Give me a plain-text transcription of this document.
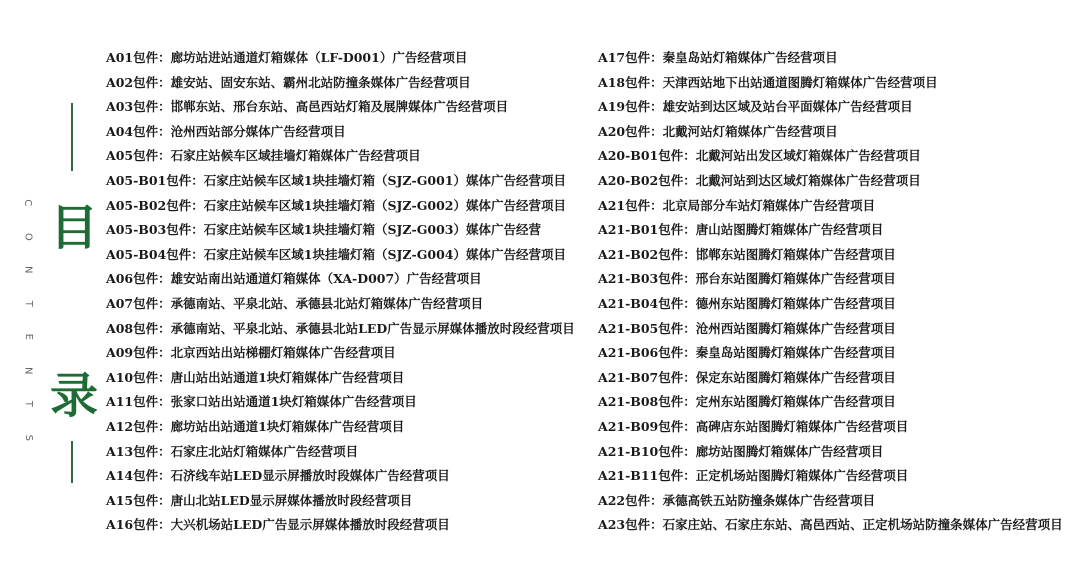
C
O
N
T
E
N
T
S
目
录
A01包件：廊坊站进站通道灯箱媒体（LF-D001）广告经营项目
A02包件：雄安站、固安东站、霸州北站防撞条媒体广告经营项目
A03包件：邯郸东站、邢台东站、高邑西站灯箱及展牌媒体广告经营项目
A04包件：沧州西站部分媒体广告经营项目
A05包件：石家庄站候车区域挂墙灯箱媒体广告经营项目
A05-B01包件：石家庄站候车区域1块挂墙灯箱（SJZ-G001）媒体广告经营项目
A05-B02包件：石家庄站候车区域1块挂墙灯箱（SJZ-G002）媒体广告经营项目
A05-B03包件：石家庄站候车区域1块挂墙灯箱（SJZ-G003）媒体广告经营
A05-B04包件：石家庄站候车区域1块挂墙灯箱（SJZ-G004）媒体广告经营项目
A06包件：雄安站南出站通道灯箱媒体（XA-D007）广告经营项目
A07包件：承德南站、平泉北站、承德县北站灯箱媒体广告经营项目
A08包件：承德南站、平泉北站、承德县北站LED广告显示屏媒体播放时段经营项目
A09包件：北京西站出站梯棚灯箱媒体广告经营项目
A10包件：唐山站出站通道1块灯箱媒体广告经营项目
A11包件：张家口站出站通道1块灯箱媒体广告经营项目
A12包件：廊坊站出站通道1块灯箱媒体广告经营项目
A13包件：石家庄北站灯箱媒体广告经营项目
A14包件：石济线车站LED显示屏播放时段媒体广告经营项目
A15包件：唐山北站LED显示屏媒体播放时段经营项目
A16包件：大兴机场站LED广告显示屏媒体播放时段经营项目
A17包件：秦皇岛站灯箱媒体广告经营项目
A18包件：天津西站地下出站通道图腾灯箱媒体广告经营项目
A19包件：雄安站到达区域及站台平面媒体广告经营项目
A20包件：北戴河站灯箱媒体广告经营项目
A20-B01包件：北戴河站出发区域灯箱媒体广告经营项目
A20-B02包件：北戴河站到达区域灯箱媒体广告经营项目
A21包件：北京局部分车站灯箱媒体广告经营项目
A21-B01包件：唐山站图腾灯箱媒体广告经营项目
A21-B02包件：邯郸东站图腾灯箱媒体广告经营项目
A21-B03包件：邢台东站图腾灯箱媒体广告经营项目
A21-B04包件：德州东站图腾灯箱媒体广告经营项目
A21-B05包件：沧州西站图腾灯箱媒体广告经营项目
A21-B06包件：秦皇岛站图腾灯箱媒体广告经营项目
A21-B07包件：保定东站图腾灯箱媒体广告经营项目
A21-B08包件：定州东站图腾灯箱媒体广告经营项目
A21-B09包件：高碑店东站图腾灯箱媒体广告经营项目
A21-B10包件：廊坊站图腾灯箱媒体广告经营项目
A21-B11包件：正定机场站图腾灯箱媒体广告经营项目
A22包件：承德高铁五站防撞条媒体广告经营项目
A23包件：石家庄站、石家庄东站、高邑西站、正定机场站防撞条媒体广告经营项目
